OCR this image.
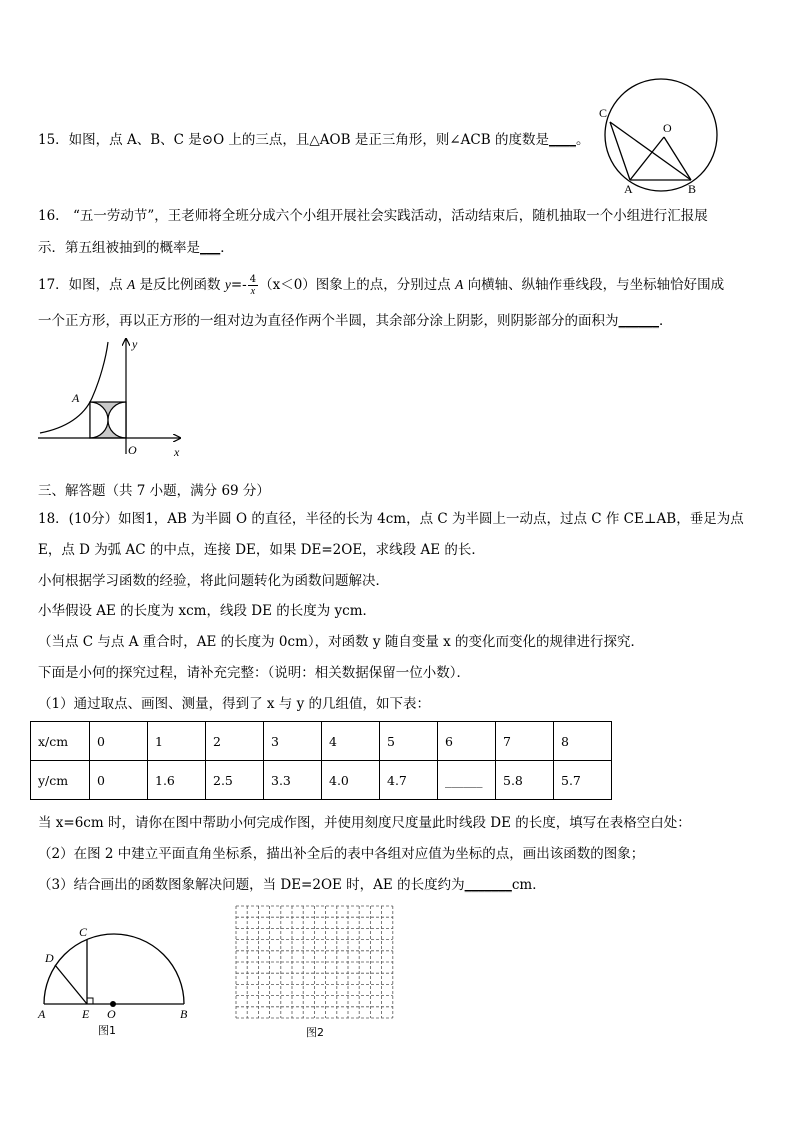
15．如图，点 A、B、C 是⊙O 上的三点，且△AOB 是正三角形，则∠ACB 的度数是____。
C
O
A	B
16.　“五一劳动节”，王老师将全班分成六个小组开展社会实践活动，活动结束后，随机抽取一个小组进行汇报展
示．第五组被抽到的概率是___．
17．如图，点 A 是反比例函数 $y=- \frac{4}{x} (x<0)$图象上的点，分别过点 A 向横轴、纵轴作垂线段，与坐标轴恰好围成
一个正方形，再以正方形的一组对边为直径作两个半圆，其余部分涂上阴影，则阴影部分的面积为______．
y
A
O	x
三、解答题（共 7 小题，满分 69 分）
18．(10分）如图1，AB 为半圆 O 的直径，半径的长为 4cm，点 C 为半圆上一动点，过点 C 作 CE⊥AB，垂足为点
E，点 D 为弧 AC 的中点，连接 DE，如果 DE=2OE，求线段 AE 的长．
小何根据学习函数的经验，将此问题转化为函数问题解决．
小华假设 AE 的长度为 xcm，线段 DE 的长度为 ycm．
（当点 C 与点 A 重合时，AE 的长度为 0cm），对函数 y 随自变量 x 的变化而变化的规律进行探究．
下面是小何的探究过程，请补充完整：（说明：相关数据保留一位小数）．
（1）通过取点、画图、测量，得到了 x 与 y 的几组值，如下表：
x/cm	0	1	2	3	4	5	6	7	8
y/cm	0	1.6	2.5	3.3	4.0	4.7	______	5.8	5.7
当 x=6cm 时，请你在图中帮助小何完成作图，并使用刻度尺度量此时线段 DE 的长度，填写在表格空白处：
（2）在图 2 中建立平面直角坐标系，描出补全后的表中各组对应值为坐标的点，画出该函数的图象；
（3）结合画出的函数图象解决问题，当 DE=2OE 时，AE 的长度约为_______cm．
C
D
A	E O	B
图1	图2
